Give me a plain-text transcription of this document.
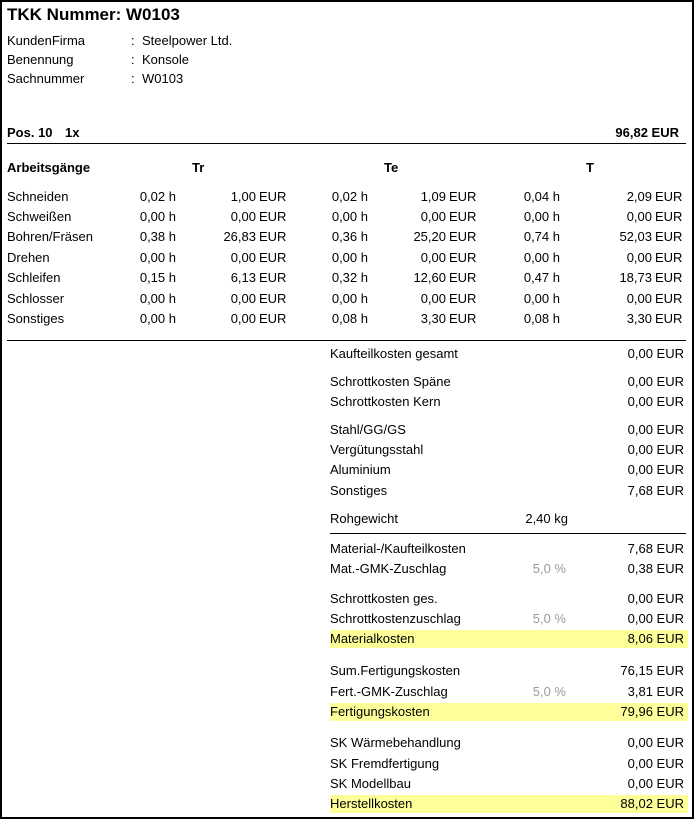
TKK Nummer: W0103
KundenFirma	: Steelpower Ltd.
Benennung	: Konsole
Sachnummer	: W0103
Pos. 10 1x	96,82 EUR
Arbeitsgänge	Tr	Te	T
Schneiden	0,02 h	1,00 EUR	0,02 h	1,09 EUR	0,04 h	2,09 EUR
Schweißen	0,00 h	0,00 EUR	0,00 h	0,00 EUR	0,00 h	0,00 EUR
Bohren/Fräsen	0,38 h	26,83 EUR	0,36 h	25,20 EUR	0,74 h	52,03 EUR
Drehen	0,00 h	0,00 EUR	0,00 h	0,00 EUR	0,00 h	0,00 EUR
Schleifen	0,15 h	6,13 EUR	0,32 h	12,60 EUR	0,47 h	18,73 EUR
Schlosser	0,00 h	0,00 EUR	0,00 h	0,00 EUR	0,00 h	0,00 EUR
Sonstiges	0,00 h	0,00 EUR	0,08 h	3,30 EUR	0,08 h	3,30 EUR
Kaufteilkosten gesamt	0,00 EUR
Schrottkosten Späne	0,00 EUR
Schrottkosten Kern	0,00 EUR
Stahl/GG/GS	0,00 EUR
Vergütungsstahl	0,00 EUR
Aluminium	0,00 EUR
Sonstiges	7,68 EUR
Rohgewicht	2,40 kg
Material-/Kaufteilkosten	7,68 EUR
Mat.-GMK-Zuschlag	5,0 %	0,38 EUR
Schrottkosten ges.	0,00 EUR
Schrottkostenzuschlag	5,0 %	0,00 EUR
Materialkosten	8,06 EUR
Sum.Fertigungskosten	76,15 EUR
Fert.-GMK-Zuschlag	5,0 %	3,81 EUR
Fertigungskosten	79,96 EUR
SK Wärmebehandlung	0,00 EUR
SK Fremdfertigung	0,00 EUR
SK Modellbau	0,00 EUR
Herstellkosten	88,02 EUR
